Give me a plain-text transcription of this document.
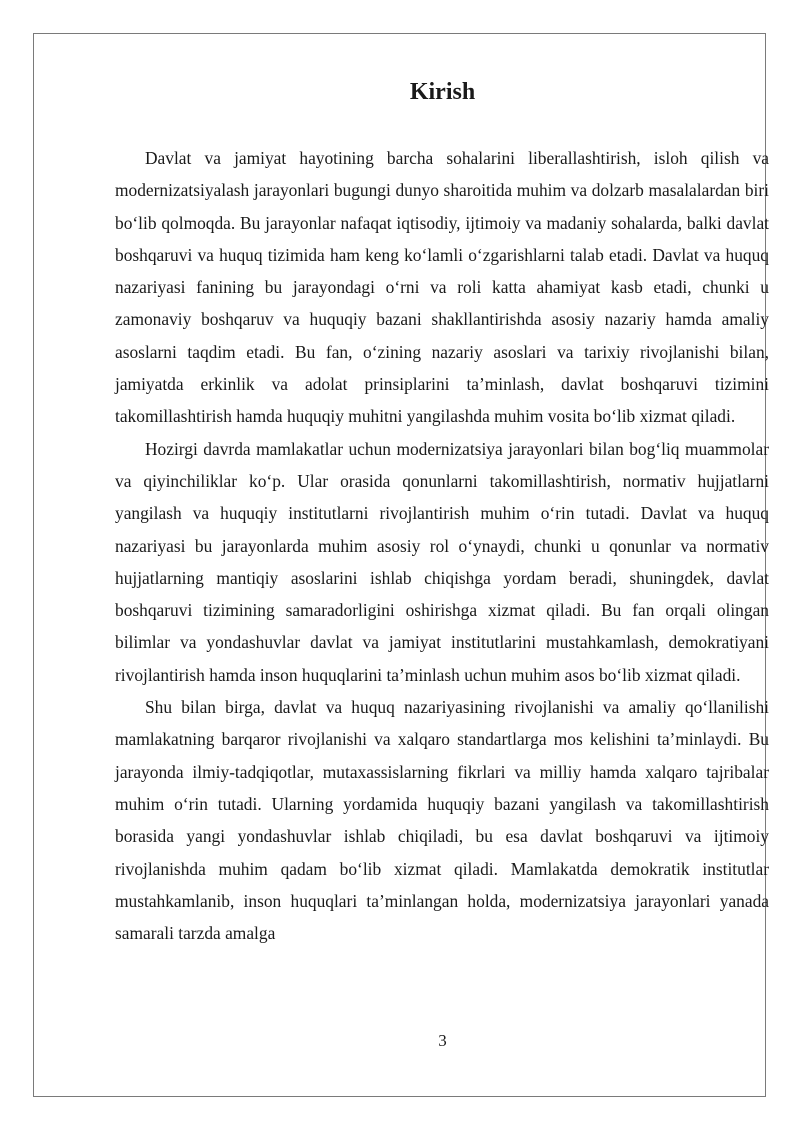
Kirish

Davlat va jamiyat hayotining barcha sohalarini liberallashtirish, isloh qilish va modernizatsiyalash jarayonlari bugungi dunyo sharoitida muhim va dolzarb masalalardan biri bo‘lib qolmoqda. Bu jarayonlar nafaqat iqtisodiy, ijtimoiy va madaniy sohalarda, balki davlat boshqaruvi va huquq tizimida ham keng ko‘lamli o‘zgarishlarni talab etadi. Davlat va huquq nazariyasi fanining bu jarayondagi o‘rni va roli katta ahamiyat kasb etadi, chunki u zamonaviy boshqaruv va huquqiy bazani shakllantirishda asosiy nazariy hamda amaliy asoslarni taqdim etadi. Bu fan, o‘zining nazariy asoslari va tarixiy rivojlanishi bilan, jamiyatda erkinlik va adolat prinsiplarini ta’minlash, davlat boshqaruvi tizimini takomillashtirish hamda huquqiy muhitni yangilashda muhim vosita bo‘lib xizmat qiladi.

Hozirgi davrda mamlakatlar uchun modernizatsiya jarayonlari bilan bog‘liq muammolar va qiyinchiliklar ko‘p. Ular orasida qonunlarni takomillashtirish, normativ hujjatlarni yangilash va huquqiy institutlarni rivojlantirish muhim o‘rin tutadi. Davlat va huquq nazariyasi bu jarayonlarda muhim asosiy rol o‘ynaydi, chunki u qonunlar va normativ hujjatlarning mantiqiy asoslarini ishlab chiqishga yordam beradi, shuningdek, davlat boshqaruvi tizimining samaradorligini oshirishga xizmat qiladi. Bu fan orqali olingan bilimlar va yondashuvlar davlat va jamiyat institutlarini mustahkamlash, demokratiyani rivojlantirish hamda inson huquqlarini ta’minlash uchun muhim asos bo‘lib xizmat qiladi.

Shu bilan birga, davlat va huquq nazariyasining rivojlanishi va amaliy qo‘llanilishi mamlakatning barqaror rivojlanishi va xalqaro standartlarga mos kelishini ta’minlaydi. Bu jarayonda ilmiy-tadqiqotlar, mutaxassislarning fikrlari va milliy hamda xalqaro tajribalar muhim o‘rin tutadi. Ularning yordamida huquqiy bazani yangilash va takomillashtirish borasida yangi yondashuvlar ishlab chiqiladi, bu esa davlat boshqaruvi va ijtimoiy rivojlanishda muhim qadam bo‘lib xizmat qiladi. Mamlakatda demokratik institutlar mustahkamlanib, inson huquqlari ta’minlangan holda, modernizatsiya jarayonlari yanada samarali tarzda amalga

3
